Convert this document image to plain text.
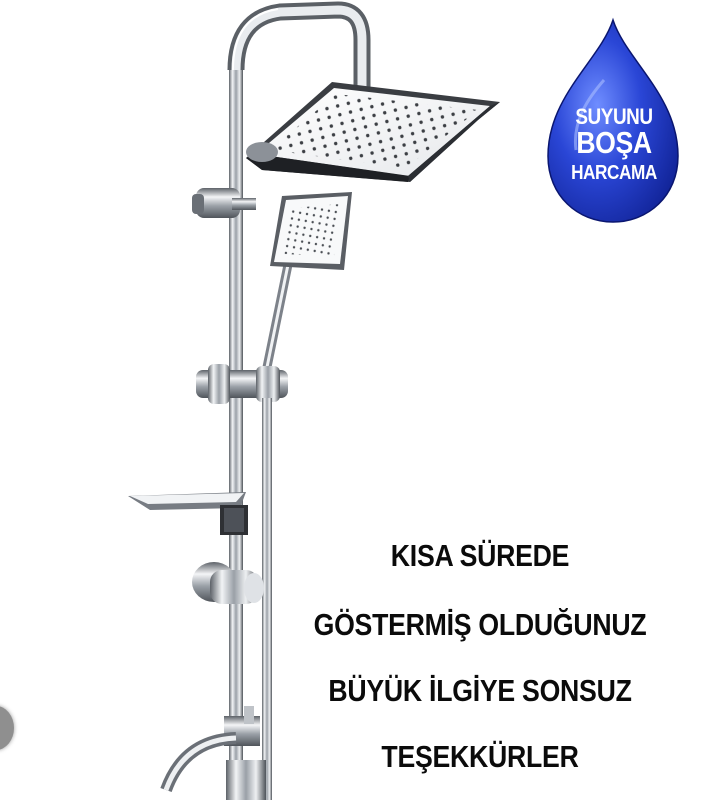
SUYUNU
BOŞA
HARCAMA
KISA SÜREDE
GÖSTERMİŞ OLDUĞUNUZ
BÜYÜK İLGİYE SONSUZ
TEŞEKKÜRLER
